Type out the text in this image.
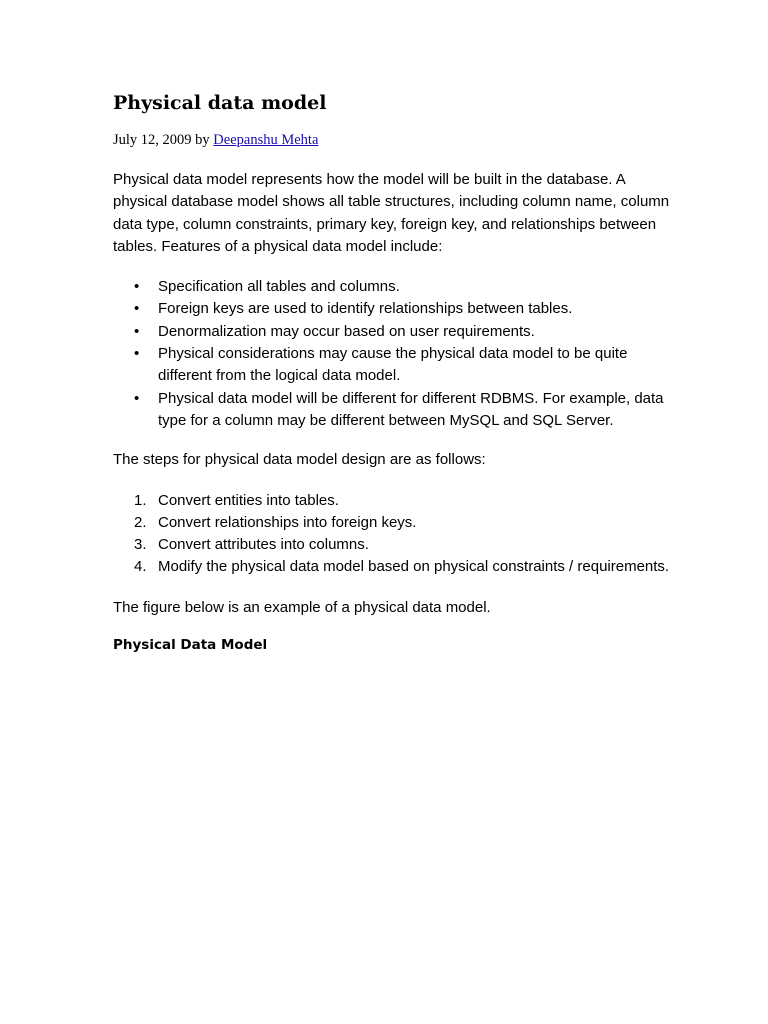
Physical data model
July 12, 2009 by Deepanshu Mehta

Physical data model represents how the model will be built in the database. A physical database model shows all table structures, including column name, column data type, column constraints, primary key, foreign key, and relationships between tables. Features of a physical data model include:

• Specification all tables and columns.
• Foreign keys are used to identify relationships between tables.
• Denormalization may occur based on user requirements.
• Physical considerations may cause the physical data model to be quite different from the logical data model.
• Physical data model will be different for different RDBMS. For example, data type for a column may be different between MySQL and SQL Server.

The steps for physical data model design are as follows:

1. Convert entities into tables.
2. Convert relationships into foreign keys.
3. Convert attributes into columns.
4. Modify the physical data model based on physical constraints / requirements.

The figure below is an example of a physical data model.

Physical Data Model
